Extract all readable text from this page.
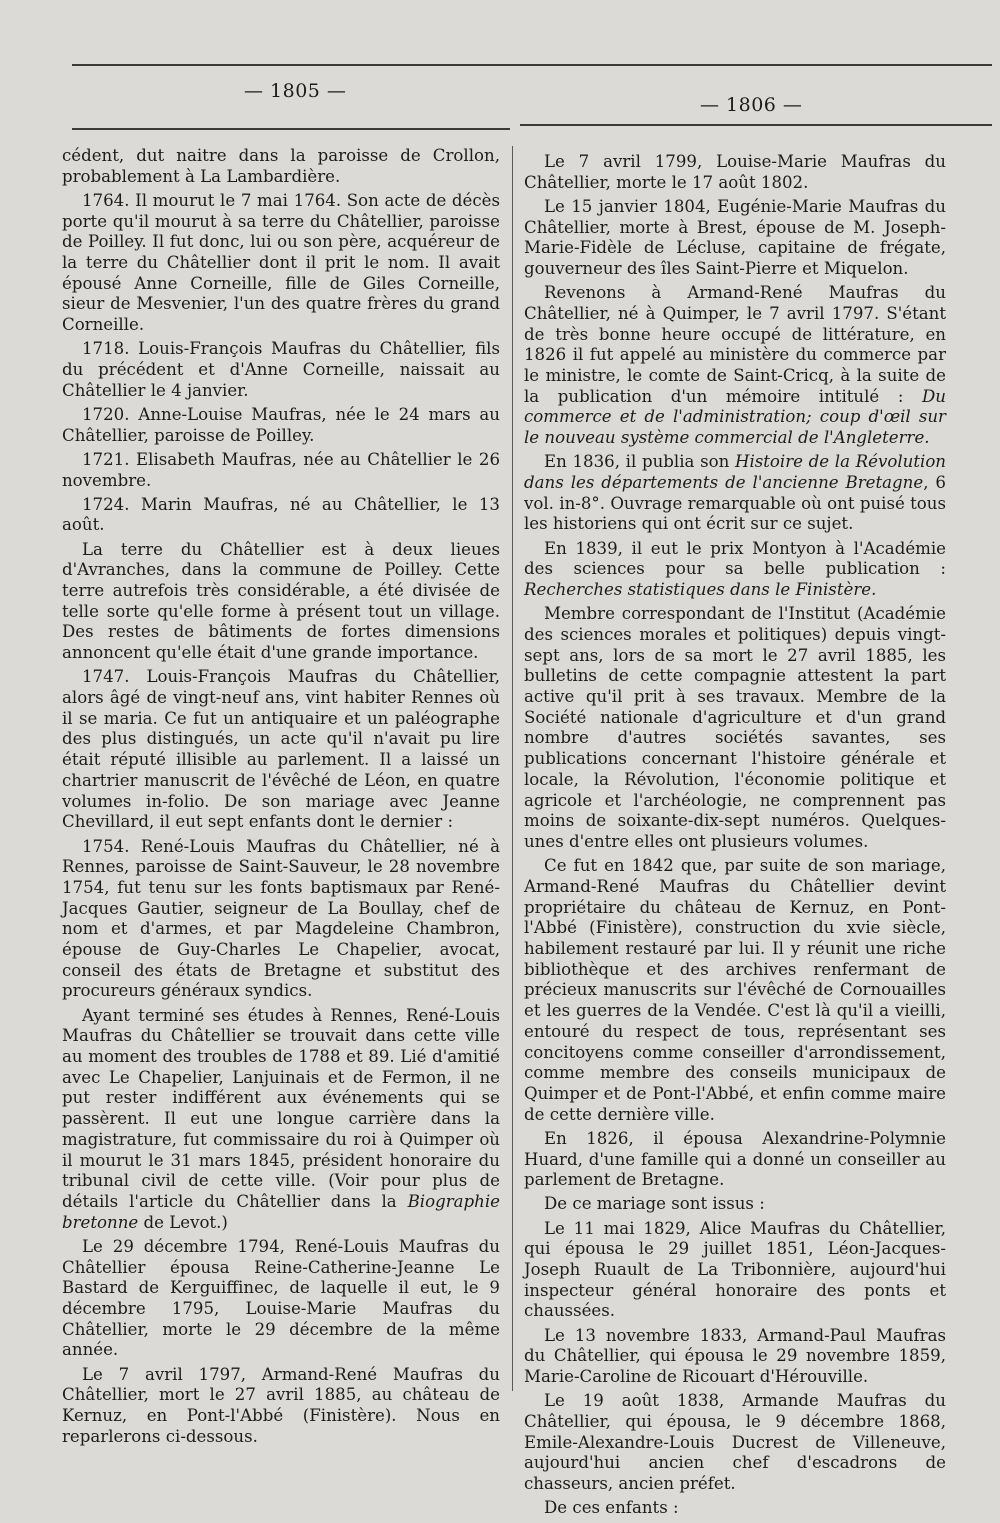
— 1805 —
— 1806 —

cédent, dut naitre dans la paroisse de Crollon, probablement à La Lambardière.

1764. Il mourut le 7 mai 1764. Son acte de décès porte qu'il mourut à sa terre du Châtellier, paroisse de Poilley. Il fut donc, lui ou son père, acquéreur de la terre du Châtellier dont il prit le nom. Il avait épousé Anne Corneille, fille de Giles Corneille, sieur de Mesvenier, l'un des quatre frères du grand Corneille.

1718. Louis-François Maufras du Châtellier, fils du précédent et d'Anne Corneille, naissait au Châtellier le 4 janvier.

1720. Anne-Louise Maufras, née le 24 mars au Châtellier, paroisse de Poilley.

1721. Elisabeth Maufras, née au Châtellier le 26 novembre.

1724. Marin Maufras, né au Châtellier, le 13 août.

La terre du Châtellier est à deux lieues d'Avranches, dans la commune de Poilley. Cette terre autrefois très considérable, a été divisée de telle sorte qu'elle forme à présent tout un village. Des restes de bâtiments de fortes dimensions annoncent qu'elle était d'une grande importance.

1747. Louis-François Maufras du Châtellier, alors âgé de vingt-neuf ans, vint habiter Rennes où il se maria. Ce fut un antiquaire et un paléographe des plus distingués, un acte qu'il n'avait pu lire était réputé illisible au parlement. Il a laissé un chartrier manuscrit de l'évêché de Léon, en quatre volumes in-folio. De son mariage avec Jeanne Chevillard, il eut sept enfants dont le dernier :

1754. René-Louis Maufras du Châtellier, né à Rennes, paroisse de Saint-Sauveur, le 28 novembre 1754, fut tenu sur les fonts baptismaux par René-Jacques Gautier, seigneur de La Boullay, chef de nom et d'armes, et par Magdeleine Chambron, épouse de Guy-Charles Le Chapelier, avocat, conseil des états de Bretagne et substitut des procureurs généraux syndics.

Ayant terminé ses études à Rennes, René-Louis Maufras du Châtellier se trouvait dans cette ville au moment des troubles de 1788 et 89. Lié d'amitié avec Le Chapelier, Lanjuinais et de Fermon, il ne put rester indifférent aux événements qui se passèrent. Il eut une longue carrière dans la magistrature, fut commissaire du roi à Quimper où il mourut le 31 mars 1845, président honoraire du tribunal civil de cette ville. (Voir pour plus de détails l'article du Châtellier dans la Biographie bretonne de Levot.)

Le 29 décembre 1794, René-Louis Maufras du Châtellier épousa Reine-Catherine-Jeanne Le Bastard de Kerguiffinec, de laquelle il eut, le 9 décembre 1795, Louise-Marie Maufras du Châtellier, morte le 29 décembre de la même année.

Le 7 avril 1797, Armand-René Maufras du Châtellier, mort le 27 avril 1885, au château de Kernuz, en Pont-l'Abbé (Finistère). Nous en reparlerons ci-dessous.

Le 7 avril 1799, Louise-Marie Maufras du Châtellier, morte le 17 août 1802.

Le 15 janvier 1804, Eugénie-Marie Maufras du Châtellier, morte à Brest, épouse de M. Joseph-Marie-Fidèle de Lécluse, capitaine de frégate, gouverneur des îles Saint-Pierre et Miquelon.

Revenons à Armand-René Maufras du Châtellier, né à Quimper, le 7 avril 1797. S'étant de très bonne heure occupé de littérature, en 1826 il fut appelé au ministère du commerce par le ministre, le comte de Saint-Cricq, à la suite de la publication d'un mémoire intitulé : Du commerce et de l'administration; coup d'œil sur le nouveau système commercial de l'Angleterre.

En 1836, il publia son Histoire de la Révolution dans les départements de l'ancienne Bretagne, 6 vol. in-8°. Ouvrage remarquable où ont puisé tous les historiens qui ont écrit sur ce sujet.

En 1839, il eut le prix Montyon à l'Académie des sciences pour sa belle publication : Recherches statistiques dans le Finistère.

Membre correspondant de l'Institut (Académie des sciences morales et politiques) depuis vingt-sept ans, lors de sa mort le 27 avril 1885, les bulletins de cette compagnie attestent la part active qu'il prit à ses travaux. Membre de la Société nationale d'agriculture et d'un grand nombre d'autres sociétés savantes, ses publications concernant l'histoire générale et locale, la Révolution, l'économie politique et agricole et l'archéologie, ne comprennent pas moins de soixante-dix-sept numéros. Quelques-unes d'entre elles ont plusieurs volumes.

Ce fut en 1842 que, par suite de son mariage, Armand-René Maufras du Châtellier devint propriétaire du château de Kernuz, en Pont-l'Abbé (Finistère), construction du xvie siècle, habilement restauré par lui. Il y réunit une riche bibliothèque et des archives renfermant de précieux manuscrits sur l'évêché de Cornouailles et les guerres de la Vendée. C'est là qu'il a vieilli, entouré du respect de tous, représentant ses concitoyens comme conseiller d'arrondissement, comme membre des conseils municipaux de Quimper et de Pont-l'Abbé, et enfin comme maire de cette dernière ville.

En 1826, il épousa Alexandrine-Polymnie Huard, d'une famille qui a donné un conseiller au parlement de Bretagne.

De ce mariage sont issus :

Le 11 mai 1829, Alice Maufras du Châtellier, qui épousa le 29 juillet 1851, Léon-Jacques-Joseph Ruault de La Tribonnière, aujourd'hui inspecteur général honoraire des ponts et chaussées.

Le 13 novembre 1833, Armand-Paul Maufras du Châtellier, qui épousa le 29 novembre 1859, Marie-Caroline de Ricouart d'Hérouville.

Le 19 août 1838, Armande Maufras du Châtellier, qui épousa, le 9 décembre 1868, Emile-Alexandre-Louis Ducrest de Villeneuve, aujourd'hui ancien chef d'escadrons de chasseurs, ancien préfet.

De ces enfants :
